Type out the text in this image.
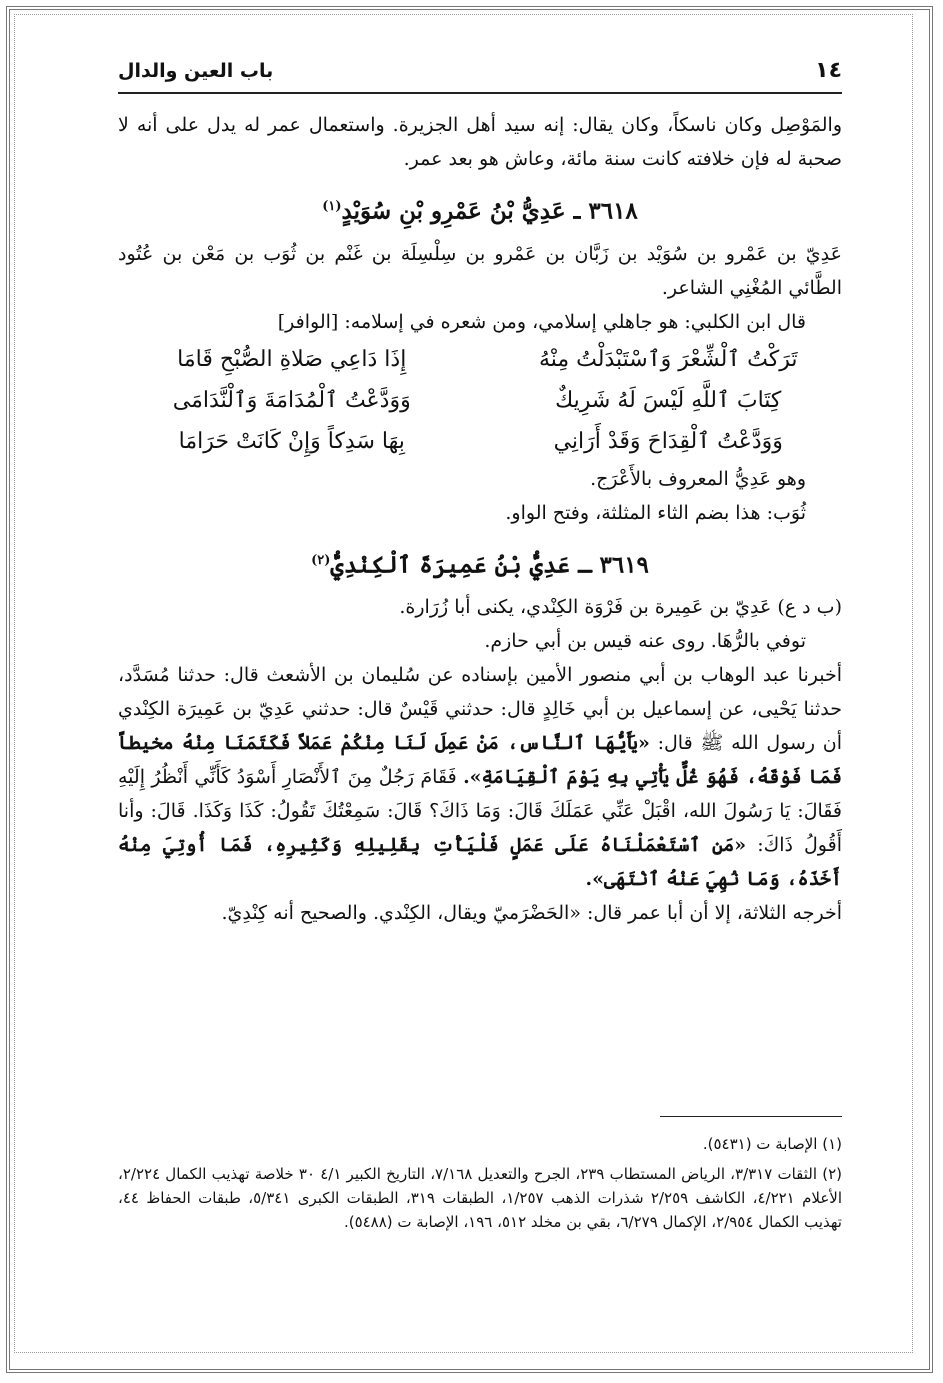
١٤
باب العين والدال

والمَوْصِل وكان ناسكاً، وكان يقال: إنه سيد أهل الجزيرة. واستعمال عمر له يدل على أنه لا صحبة له فإن خلافته كانت سنة مائة، وعاش هو بعد عمر.

٣٦١٨ ـ عَدِيُّ بْنُ عَمْرِو بْنِ سُوَيْدٍ$^{(١)}$

عَدِيّ بن عَمْرو بن سُوَيْد بن زَبَّان بن عَمْرو بن سِلْسِلَة بن غَنْم بن ثُوَب بن مَعْن بن عُتُود الطَّائي المُغْنِي الشاعر.

قال ابن الكلبي: هو جاهلي إسلامي، ومن شعره في إسلامه: [الوافر]

تَرَكْتُ ٱلْشِّعْرَ وَٱسْتَبْدَلْتُ مِنْهُ
إِذَا دَاعِي صَلاةِ الصُّبْحِ قَامَا
كِتَابَ ٱللَّهِ لَيْسَ لَهُ شَرِيكٌ
وَوَدَّعْتُ ٱلْمُدَامَةَ وَٱلْنَّدَامَى
وَوَدَّعْتُ ٱلْقِدَاحَ وَقَدْ أَرَانِي
بِهَا سَدِكاً وَإِنْ كَانَتْ حَرَامَا

وهو عَدِيُّ المعروف بالأَعْرَج.

ثُوَب: هذا بضم الثاء المثلثة، وفتح الواو.

٣٦١٩ ـ عَدِيُّ بْنُ عَمِيرَةَ ٱلْكِنْدِيُّ$^{(٢)}$

(ب د ع) عَدِيّ بن عَمِيرة بن فَرْوَة الكِنْدي، يكنى أبا زُرَارة.

توفي بالرُّهَا. روى عنه قيس بن أبي حازم.

أخبرنا عبد الوهاب بن أبي منصور الأمين بإسناده عن سُليمان بن الأشعث قال: حدثنا مُسَدَّد، حدثنا يَحْيى، عن إسماعيل بن أبي خَالِدٍ قال: حدثني قَيْسٌ قال: حدثني عَدِيّ بن عَمِيرَة الكِنْدي أن رسول الله ﷺ قال: «يَأَيُّهَا ٱلنَّاس، مَنْ عَمِلَ لَنَا مِنْكُمْ عَمَلاً فَكَتَمَنَا مِنْهُ مخيطاً فَمَا فَوْقَهُ، فَهُوَ غُلٌّ يَأْتِي بِهِ يَوْمَ ٱلْقِيَامَةِ». فَقَامَ رَجُلٌ مِنَ ٱلأَنْصَارِ أَسْوَدُ كَأَنِّي أَنْظُرُ إِلَيْهِ فَقَالَ: يَا رَسُولَ الله، اقْبَلْ عَنِّي عَمَلَكَ قَالَ: وَمَا ذَاكَ؟ قَالَ: سَمِعْتُكَ تَقُولُ: كَذَا وَكَذَا. قَالَ: وأنا أَقُولُ ذَاكَ: «مَنِ ٱسْتَعْمَلْنَاهُ عَلَى عَمَلٍ فَلْيَأْتِ بِقَلِيلِهِ وَكَثِيرِهِ، فَمَا أُوتِيَ مِنْهُ أَخَذَهُ، وَمَا نُهِيَ عَنْهُ ٱنْتَهَى».

أخرجه الثلاثة، إلا أن أبا عمر قال: «الحَضْرَميّ ويقال، الكِنْدي. والصحيح أنه كِنْدِيّ.

(١) الإصابة ت (٥٤٣١).

(٢) الثقات ٣/٣١٧، الرياض المستطاب ٢٣٩، الجرح والتعديل ٧/١٦٨، التاريخ الكبير ٤/١ ٣٠ خلاصة تهذيب الكمال ٢/٢٢٤، الأعلام ٤/٢٢١، الكاشف ٢/٢٥٩ شذرات الذهب ١/٢٥٧، الطبقات ٣١٩، الطبقات الكبرى ٥/٣٤١، طبقات الحفاظ ٤٤، تهذيب الكمال ٢/٩٥٤، الإكمال ٦/٢٧٩، بقي بن مخلد ٥١٢، ١٩٦، الإصابة ت (٥٤٨٨).
